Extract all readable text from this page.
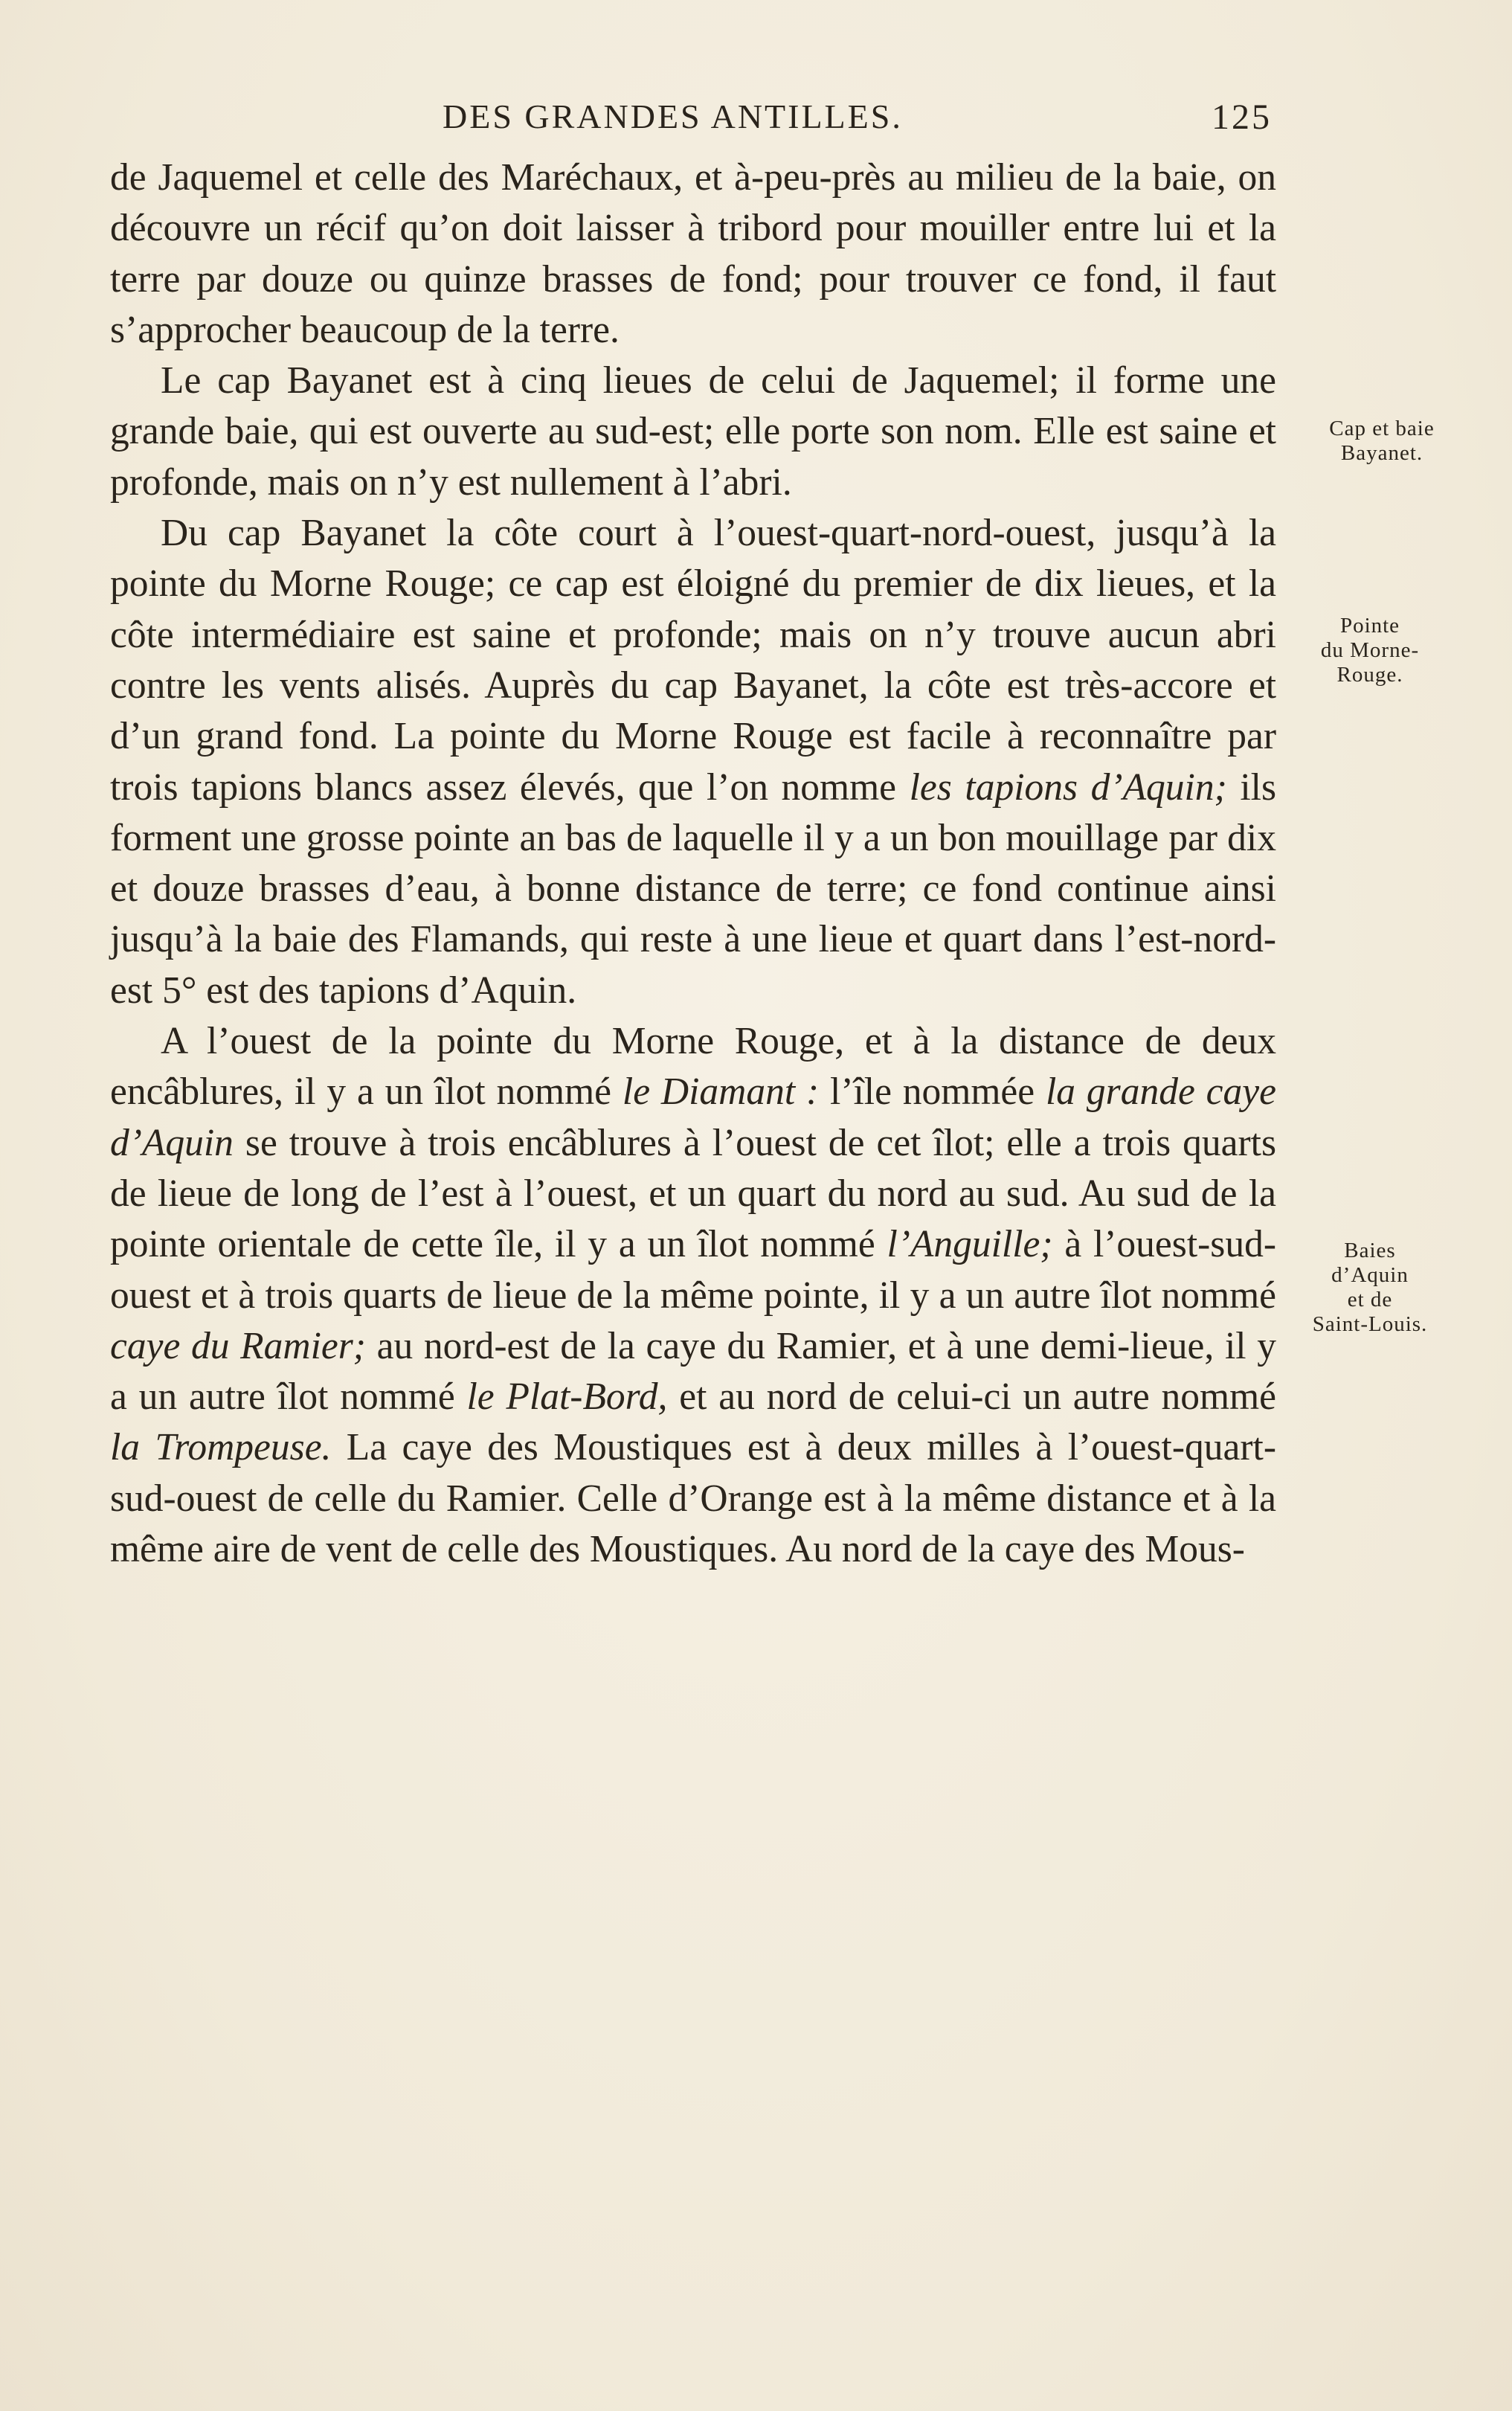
DES GRANDES ANTILLES.	125

de Jaquemel et celle des Maréchaux, et à-peu-près au milieu de la baie, on découvre un récif qu’on doit laisser à tribord pour mouiller entre lui et la terre par douze ou quinze brasses de fond; pour trouver ce fond, il faut s’approcher beaucoup de la terre.

Le cap Bayanet est à cinq lieues de celui de Jaquemel; il forme une grande baie, qui est ouverte au sud-est; elle porte son nom. Elle est saine et profonde, mais on n’y est nullement à l’abri.

Du cap Bayanet la côte court à l’ouest-quart-nord-ouest, jusqu’à la pointe du Morne Rouge; ce cap est éloigné du premier de dix lieues, et la côte intermédiaire est saine et profonde; mais on n’y trouve aucun abri contre les vents alisés. Auprès du cap Bayanet, la côte est très-accore et d’un grand fond. La pointe du Morne Rouge est facile à reconnaître par trois tapions blancs assez élevés, que l’on nomme les tapions d’Aquin; ils forment une grosse pointe an bas de laquelle il y a un bon mouillage par dix et douze brasses d’eau, à bonne distance de terre; ce fond continue ainsi jusqu’à la baie des Flamands, qui reste à une lieue et quart dans l’est-nord-est 5° est des tapions d’Aquin.

A l’ouest de la pointe du Morne Rouge, et à la distance de deux encâblures, il y a un îlot nommé le Diamant : l’île nommée la grande caye d’Aquin se trouve à trois encâblures à l’ouest de cet îlot; elle a trois quarts de lieue de long de l’est à l’ouest, et un quart du nord au sud. Au sud de la pointe orientale de cette île, il y a un îlot nommé l’Anguille; à l’ouest-sud-ouest et à trois quarts de lieue de la même pointe, il y a un autre îlot nommé caye du Ramier; au nord-est de la caye du Ramier, et à une demi-lieue, il y a un autre îlot nommé le Plat-Bord, et au nord de celui-ci un autre nommé la Trompeuse. La caye des Moustiques est à deux milles à l’ouest-quart-sud-ouest de celle du Ramier. Celle d’Orange est à la même distance et à la même aire de vent de celle des Moustiques. Au nord de la caye des Mous-

Cap et baie
Bayanet.
Pointe
du Morne-
Rouge.
Baies
d’Aquin
et de
Saint-Louis.
